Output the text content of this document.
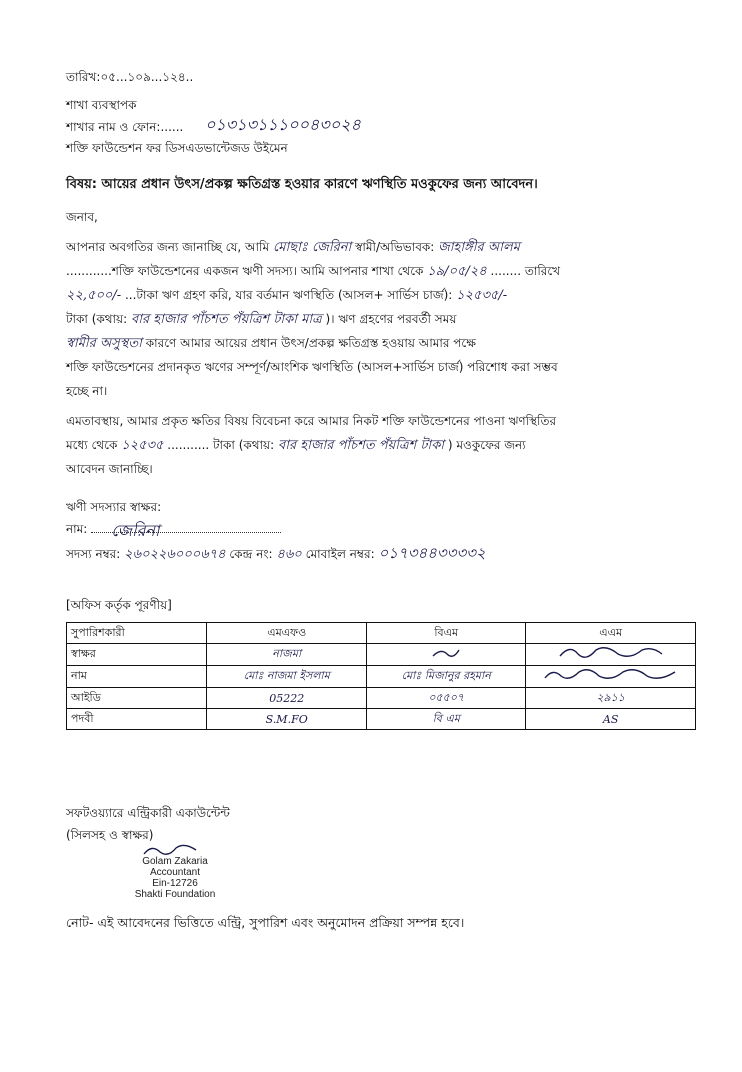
তারিখ:০৫...১০৯...১২৪..
শাখা ব্যবস্থাপক
শাখার নাম ও ফোন:...... ০১৩১৩১১১০০৪৩০২৪
শক্তি ফাউন্ডেশন ফর ডিসএডভান্টেজড উইমেন
বিষয়: আয়ের প্রধান উৎস/প্রকল্প ক্ষতিগ্রস্ত হওয়ার কারণে ঋণস্থিতি মওকুফের জন্য আবেদন।
জনাব,
আপনার অবগতির জন্য জানাচ্ছি যে, আমি মোছাঃ জেরিনা স্বামী/অভিভাবক: জাহাঙ্গীর আলম
............শক্তি ফাউন্ডেশনের একজন ঋণী সদস্য। আমি আপনার শাখা থেকে ১৯/০৫/২৪ ........ তারিখে
২২,৫০০/- ...টাকা ঋণ গ্রহণ করি, যার বর্তমান ঋণস্থিতি (আসল+ সার্ভিস চার্জ): ১২৫৩৫/-
টাকা (কথায়: বার হাজার পাঁচশত পঁয়ত্রিশ টাকা মাত্র )। ঋণ গ্রহণের পরবর্তী সময়
স্বামীর অসুস্থতা কারণে আমার আয়ের প্রধান উৎস/প্রকল্প ক্ষতিগ্রস্ত হওয়ায় আমার পক্ষে
শক্তি ফাউন্ডেশনের প্রদানকৃত ঋণের সম্পূর্ণ/আংশিক ঋণস্থিতি (আসল+সার্ভিস চার্জ) পরিশোধ করা সম্ভব
হচ্ছে না।
এমতাবস্থায়, আমার প্রকৃত ক্ষতির বিষয় বিবেচনা করে আমার নিকট শক্তি ফাউন্ডেশনের পাওনা ঋণস্থিতির
মধ্যে থেকে ১২৫৩৫ ........... টাকা (কথায়: বার হাজার পাঁচশত পঁয়ত্রিশ টাকা ) মওকুফের জন্য
আবেদন জানাচ্ছি।
ঋণী সদস্যার স্বাক্ষর:
নাম: জেরিনা
সদস্য নম্বর: ২৬০২২৬০০০৬৭৪ কেন্দ্র নং: ৪৬০ মোবাইল নম্বর: ০১৭৩৪৪৩৩৩৩২
[অফিস কর্তৃক পূরণীয়]
সুপারিশকারী	এমএফও	বিএম	এএম
স্বাক্ষর	নাজমা		
নাম	মোঃ নাজমা ইসলাম	মোঃ মিজানুর রহমান	
আইডি	05222	০৫৫০৭	২৯১১
পদবী	S.M.FO	বি এম	AS
সফটওয়্যারে এন্ট্রিকারী একাউন্টেন্ট
(সিলসহ ও স্বাক্ষর)
Golam Zakaria
Accountant
Ein-12726
Shakti Foundation
নোট- এই আবেদনের ভিত্তিতে এন্ট্রি, সুপারিশ এবং অনুমোদন প্রক্রিয়া সম্পন্ন হবে।
